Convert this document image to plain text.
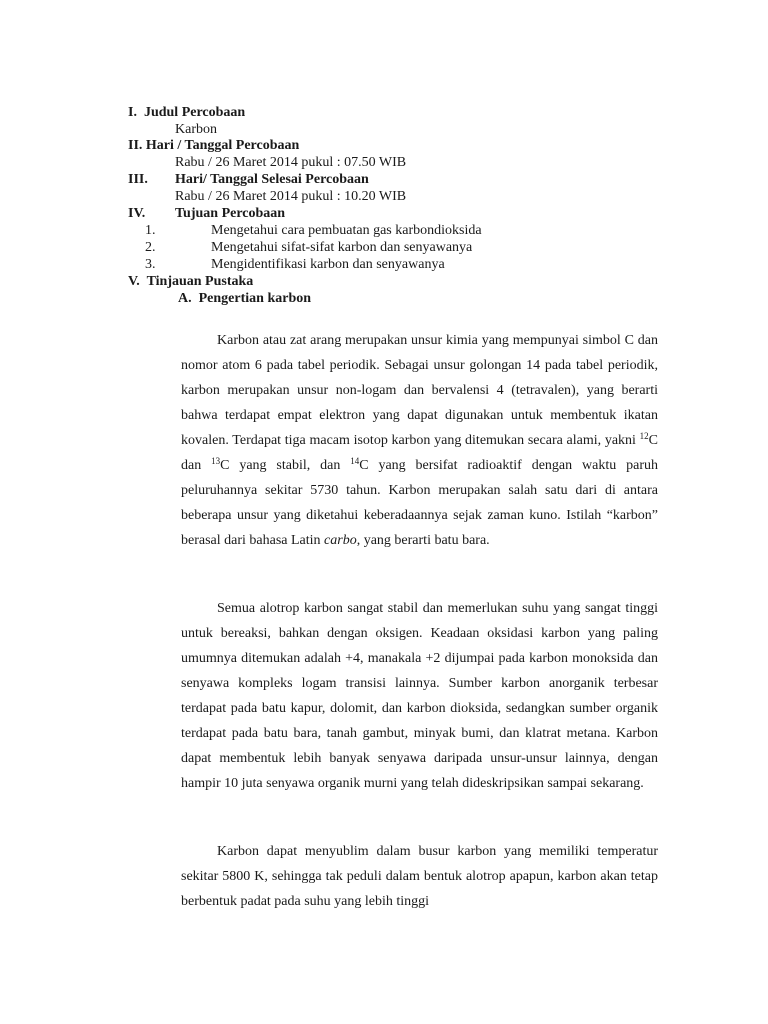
I. Judul Percobaan
Karbon
II. Hari / Tanggal Percobaan
Rabu / 26 Maret 2014 pukul : 07.50 WIB
III. Hari/ Tanggal Selesai Percobaan
Rabu / 26 Maret 2014 pukul : 10.20 WIB
IV. Tujuan Percobaan
1.	Mengetahui cara pembuatan gas karbondioksida
2.	Mengetahui sifat-sifat karbon dan senyawanya
3.	Mengidentifikasi karbon dan senyawanya
V. Tinjauan Pustaka
A. Pengertian karbon

Karbon atau zat arang merupakan unsur kimia yang mempunyai simbol C dan nomor atom 6 pada tabel periodik. Sebagai unsur golongan 14 pada tabel periodik, karbon merupakan unsur non-logam dan bervalensi 4 (tetravalen), yang berarti bahwa terdapat empat elektron yang dapat digunakan untuk membentuk ikatan kovalen. Terdapat tiga macam isotop karbon yang ditemukan secara alami, yakni $^{12}$C dan $^{13}$C yang stabil, dan $^{14}$C yang bersifat radioaktif dengan waktu paruh peluruhannya sekitar 5730 tahun. Karbon merupakan salah satu dari di antara beberapa unsur yang diketahui keberadaannya sejak zaman kuno. Istilah “karbon” berasal dari bahasa Latin carbo, yang berarti batu bara.

Semua alotrop karbon sangat stabil dan memerlukan suhu yang sangat tinggi untuk bereaksi, bahkan dengan oksigen. Keadaan oksidasi karbon yang paling umumnya ditemukan adalah +4, manakala +2 dijumpai pada karbon monoksida dan senyawa kompleks logam transisi lainnya. Sumber karbon anorganik terbesar terdapat pada batu kapur, dolomit, dan karbon dioksida, sedangkan sumber organik terdapat pada batu bara, tanah gambut, minyak bumi, dan klatrat metana. Karbon dapat membentuk lebih banyak senyawa daripada unsur-unsur lainnya, dengan hampir 10 juta senyawa organik murni yang telah dideskripsikan sampai sekarang.

Karbon dapat menyublim dalam busur karbon yang memiliki temperatur sekitar 5800 K, sehingga tak peduli dalam bentuk alotrop apapun, karbon akan tetap berbentuk padat pada suhu yang lebih tinggi
